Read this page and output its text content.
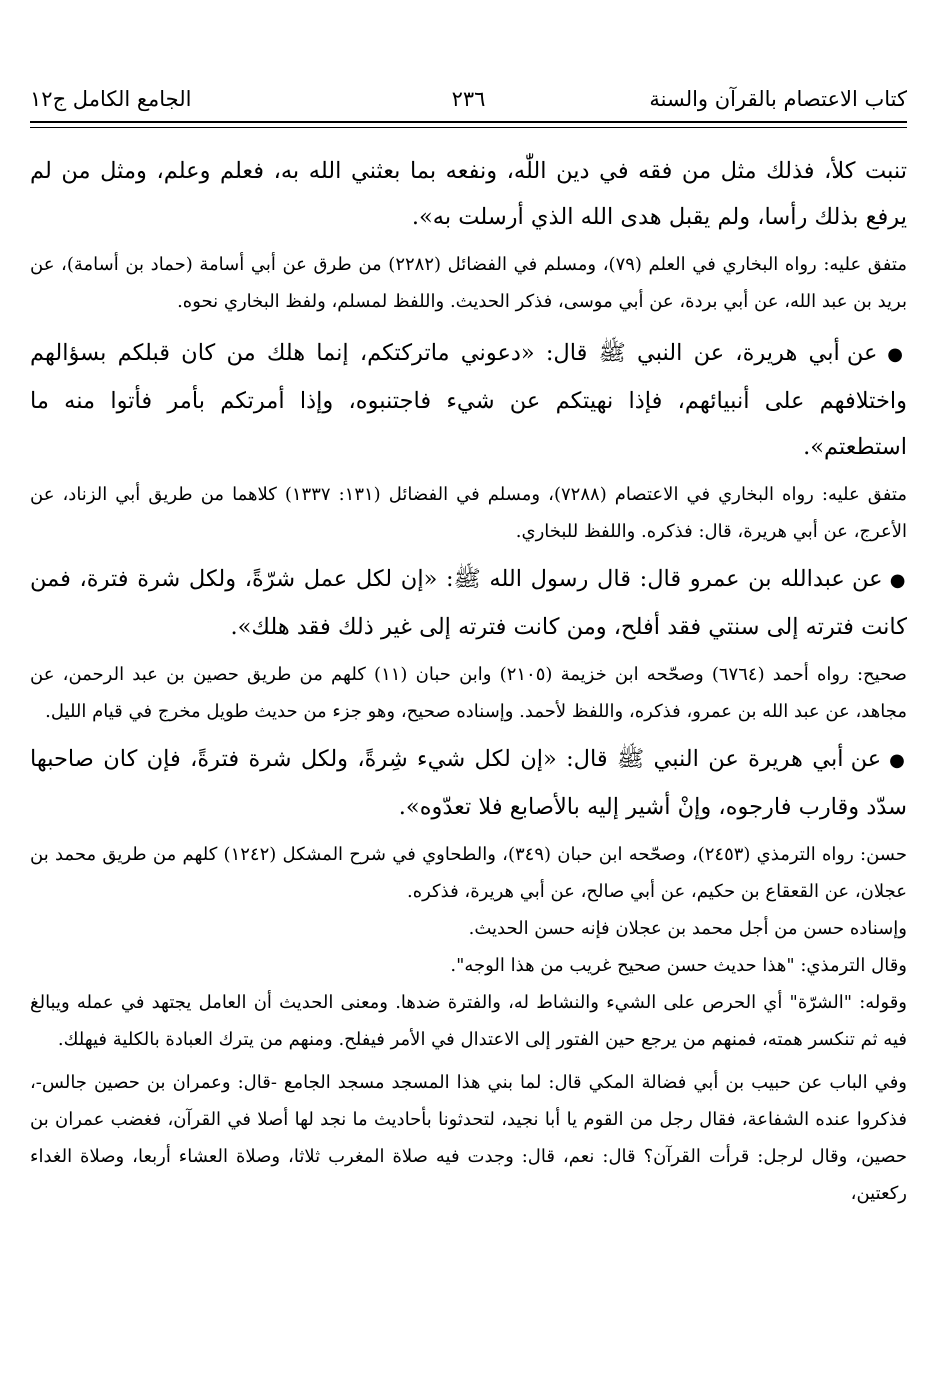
كتاب الاعتصام بالقرآن والسنة
٢٣٦
الجامع الكامل ج١٢

تنبت كلأ، فذلك مثل من فقه في دين اللّٰه، ونفعه بما بعثني الله به، فعلم وعلم، ومثل من لم يرفع بذلك رأسا، ولم يقبل هدى الله الذي أرسلت به».

متفق عليه: رواه البخاري في العلم (٧٩)، ومسلم في الفضائل (٢٢٨٢) من طرق عن أبي أسامة (حماد بن أسامة)، عن بريد بن عبد الله، عن أبي بردة، عن أبي موسى، فذكر الحديث. واللفظ لمسلم، ولفظ البخاري نحوه.

● عن أبي هريرة، عن النبي ﷺ قال: «دعوني ماتركتكم، إنما هلك من كان قبلكم بسؤالهم واختلافهم على أنبيائهم، فإذا نهيتكم عن شيء فاجتنبوه، وإذا أمرتكم بأمر فأتوا منه ما استطعتم».

متفق عليه: رواه البخاري في الاعتصام (٧٢٨٨)، ومسلم في الفضائل (١٣١: ١٣٣٧) كلاهما من طريق أبي الزناد، عن الأعرج، عن أبي هريرة، قال: فذكره. واللفظ للبخاري.

● عن عبدالله بن عمرو قال: قال رسول الله ﷺ: «إن لكل عمل شرّةً، ولكل شرة فترة، فمن كانت فترته إلى سنتي فقد أفلح، ومن كانت فترته إلى غير ذلك فقد هلك».

صحيح: رواه أحمد (٦٧٦٤) وصحّحه ابن خزيمة (٢١٠٥) وابن حبان (١١) كلهم من طريق حصين بن عبد الرحمن، عن مجاهد، عن عبد الله بن عمرو، فذكره، واللفظ لأحمد. وإسناده صحيح، وهو جزء من حديث طويل مخرج في قيام الليل.

● عن أبي هريرة عن النبي ﷺ قال: «إن لكل شيء شِرةً، ولكل شرة فترةً، فإن كان صاحبها سدّد وقارب فارجوه، وإنْ أشير إليه بالأصابع فلا تعدّوه».

حسن: رواه الترمذي (٢٤٥٣)، وصحّحه ابن حبان (٣٤٩)، والطحاوي في شرح المشكل (١٢٤٢) كلهم من طريق محمد بن عجلان، عن القعقاع بن حكيم، عن أبي صالح، عن أبي هريرة، فذكره.

وإسناده حسن من أجل محمد بن عجلان فإنه حسن الحديث.

وقال الترمذي: "هذا حديث حسن صحيح غريب من هذا الوجه".

وقوله: "الشرّة" أي الحرص على الشيء والنشاط له، والفترة ضدها. ومعنى الحديث أن العامل يجتهد في عمله ويبالغ فيه ثم تنكسر همته، فمنهم من يرجع حين الفتور إلى الاعتدال في الأمر فيفلح. ومنهم من يترك العبادة بالكلية فيهلك.

وفي الباب عن حبيب بن أبي فضالة المكي قال: لما بني هذا المسجد مسجد الجامع -قال: وعمران بن حصين جالس-، فذكروا عنده الشفاعة، فقال رجل من القوم يا أبا نجيد، لتحدثونا بأحاديث ما نجد لها أصلا في القرآن، فغضب عمران بن حصين، وقال لرجل: قرأت القرآن؟ قال: نعم، قال: وجدت فيه صلاة المغرب ثلاثا، وصلاة العشاء أربعا، وصلاة الغداء ركعتين،
